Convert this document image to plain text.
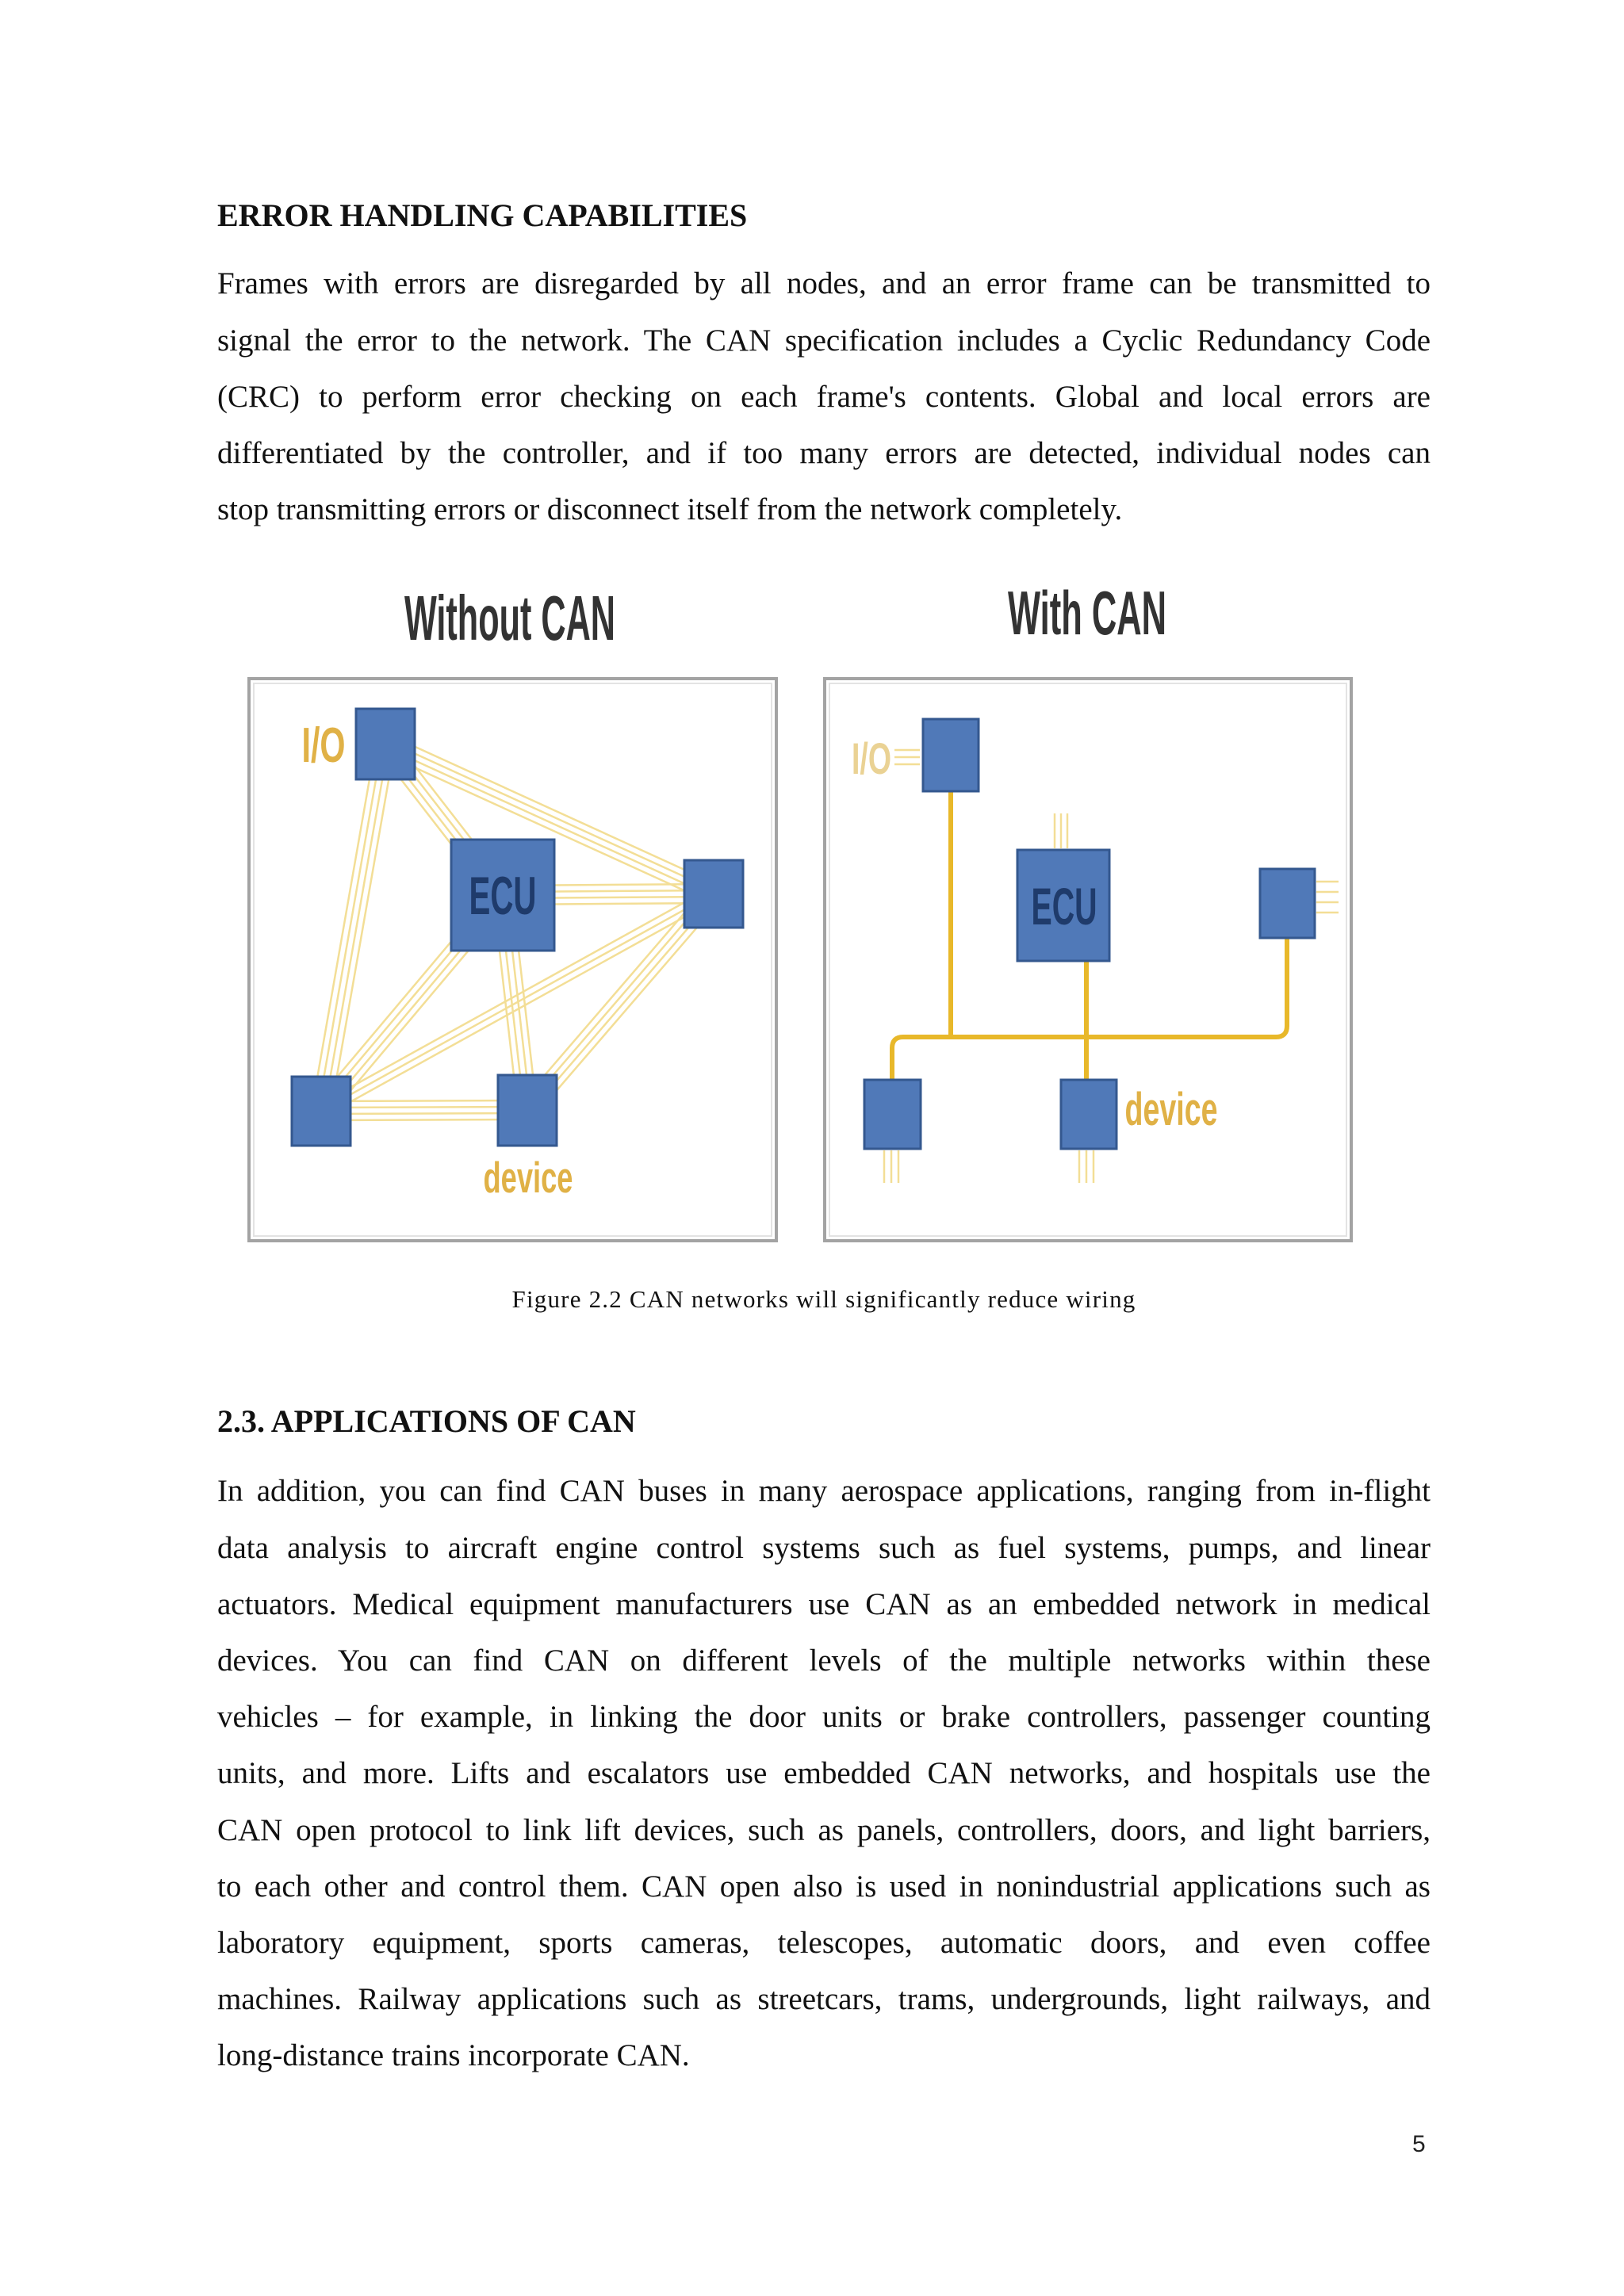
ERROR HANDLING CAPABILITIES
Frames with errors are disregarded by all nodes, and an error frame can be transmitted to
signal the error to the network. The CAN specification includes a Cyclic Redundancy Code
(CRC) to perform error checking on each frame's contents. Global and local errors are
differentiated by the controller, and if too many errors are detected, individual nodes can
stop transmitting errors or disconnect itself from the network completely.
Without CAN
I/O
ECU
device
With CAN
I/O
ECU
device
Figure 2.2 CAN networks will significantly reduce wiring
2.3. APPLICATIONS OF CAN
In addition, you can find CAN buses in many aerospace applications, ranging from in-flight
data analysis to aircraft engine control systems such as fuel systems, pumps, and linear
actuators. Medical equipment manufacturers use CAN as an embedded network in medical
devices. You can find CAN on different levels of the multiple networks within these
vehicles – for example, in linking the door units or brake controllers, passenger counting
units, and more. Lifts and escalators use embedded CAN networks, and hospitals use the
CAN open protocol to link lift devices, such as panels, controllers, doors, and light barriers,
to each other and control them. CAN open also is used in nonindustrial applications such as
laboratory equipment, sports cameras, telescopes, automatic doors, and even coffee
machines. Railway applications such as streetcars, trams, undergrounds, light railways, and
long-distance trains incorporate CAN.
5
